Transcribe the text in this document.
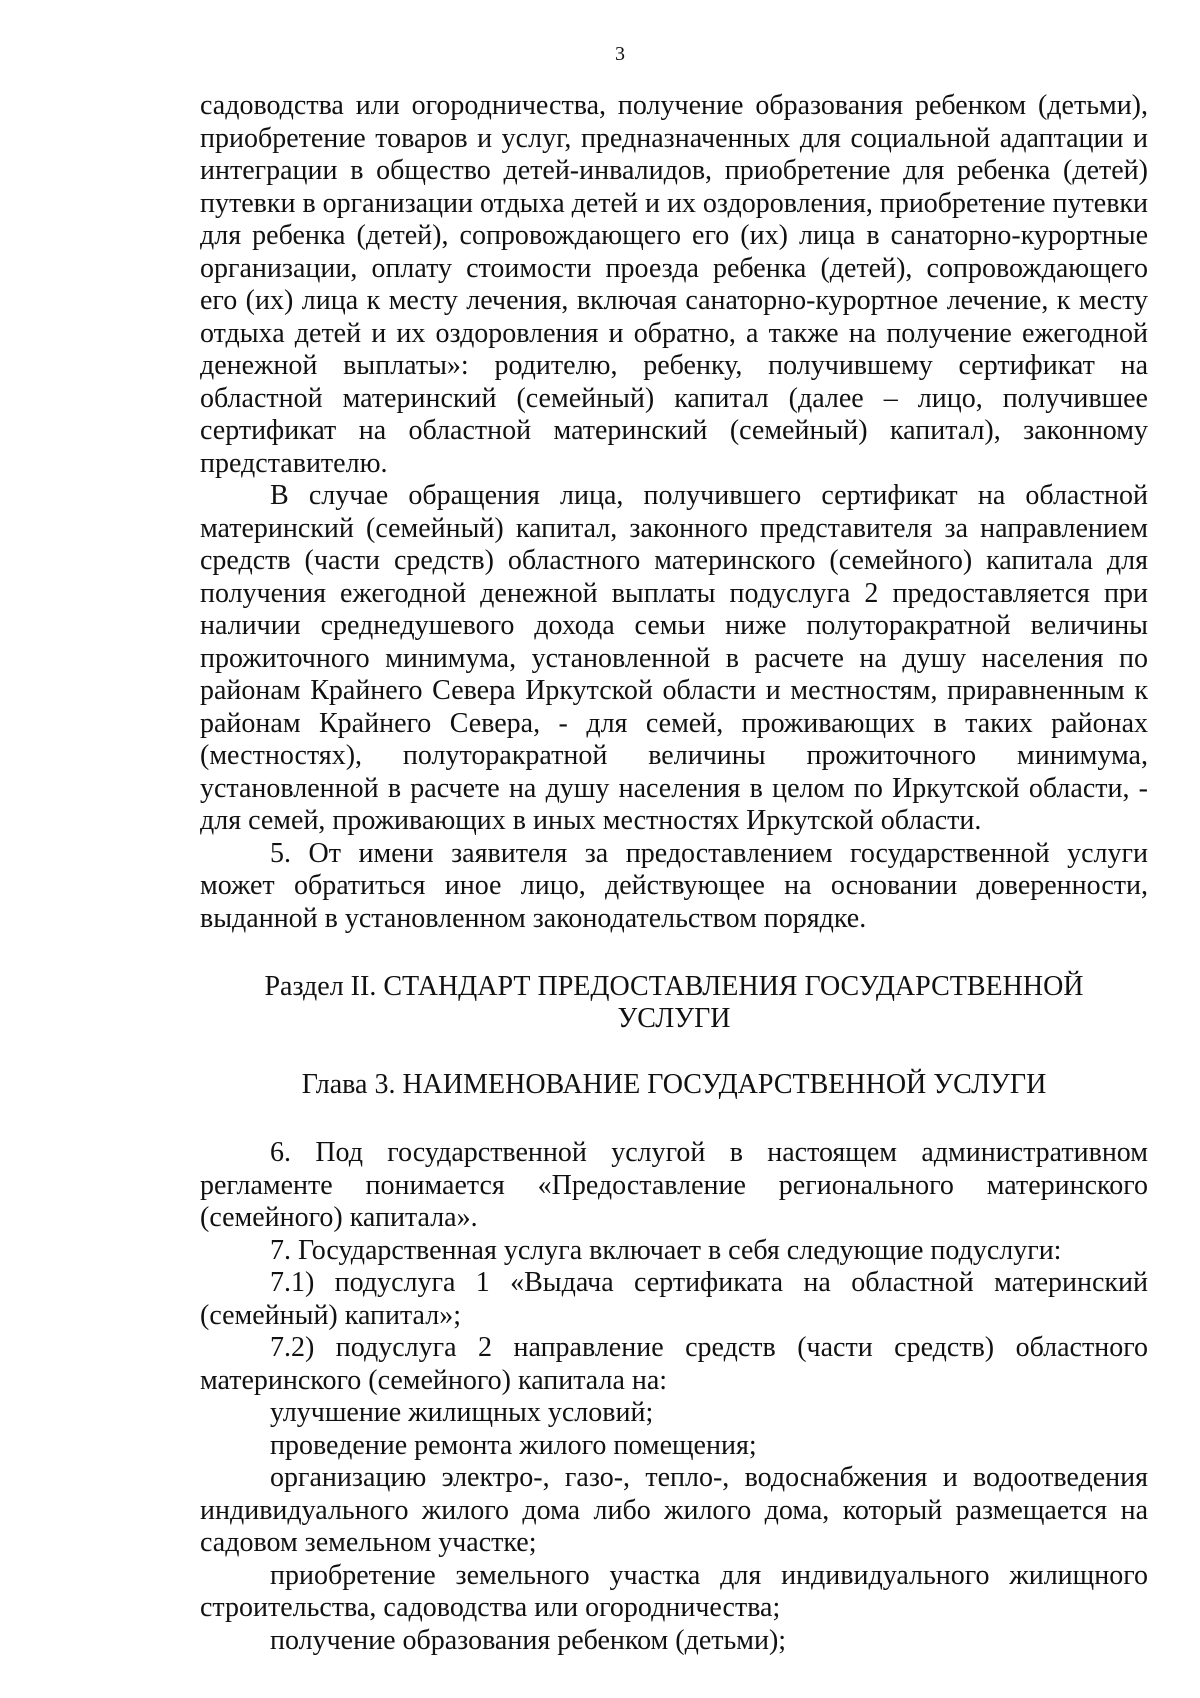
3

садоводства или огородничества, получение образования ребенком (детьми), приобретение товаров и услуг, предназначенных для социальной адаптации и интеграции в общество детей-инвалидов, приобретение для ребенка (детей) путевки в организации отдыха детей и их оздоровления, приобретение путевки для ребенка (детей), сопровождающего его (их) лица в санаторно-курортные организации, оплату стоимости проезда ребенка (детей), сопровождающего его (их) лица к месту лечения, включая санаторно-курортное лечение, к месту отдыха детей и их оздоровления и обратно, а также на получение ежегодной денежной выплаты»: родителю, ребенку, получившему сертификат на областной материнский (семейный) капитал (далее – лицо, получившее сертификат на областной материнский (семейный) капитал), законному представителю.

В случае обращения лица, получившего сертификат на областной материнский (семейный) капитал, законного представителя за направлением средств (части средств) областного материнского (семейного) капитала для получения ежегодной денежной выплаты подуслуга 2 предоставляется при наличии среднедушевого дохода семьи ниже полуторакратной величины прожиточного минимума, установленной в расчете на душу населения по районам Крайнего Севера Иркутской области и местностям, приравненным к районам Крайнего Севера, - для семей, проживающих в таких районах (местностях), полуторакратной величины прожиточного минимума, установленной в расчете на душу населения в целом по Иркутской области, - для семей, проживающих в иных местностях Иркутской области.

5. От имени заявителя за предоставлением государственной услуги может обратиться иное лицо, действующее на основании доверенности, выданной в установленном законодательством порядке.

Раздел II. СТАНДАРТ ПРЕДОСТАВЛЕНИЯ ГОСУДАРСТВЕННОЙ УСЛУГИ
Глава 3. НАИМЕНОВАНИЕ ГОСУДАРСТВЕННОЙ УСЛУГИ

6. Под государственной услугой в настоящем административном регламенте понимается «Предоставление регионального материнского (семейного) капитала».

7. Государственная услуга включает в себя следующие подуслуги:

7.1) подуслуга 1 «Выдача сертификата на областной материнский (семейный) капитал»;

7.2) подуслуга 2 направление средств (части средств) областного материнского (семейного) капитала на:

улучшение жилищных условий;

проведение ремонта жилого помещения;

организацию электро-, газо-, тепло-, водоснабжения и водоотведения индивидуального жилого дома либо жилого дома, который размещается на садовом земельном участке;

приобретение земельного участка для индивидуального жилищного строительства, садоводства или огородничества;

получение образования ребенком (детьми);
